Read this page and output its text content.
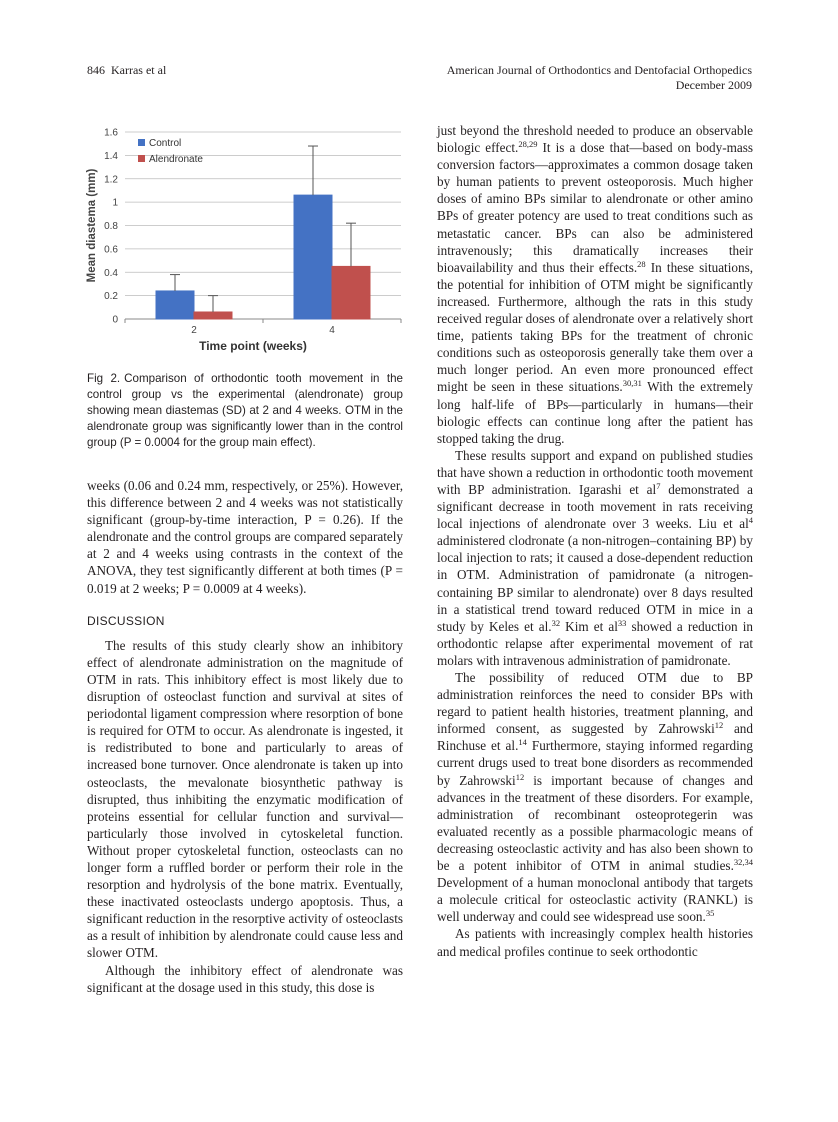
846 Karras et al	American Journal of Orthodontics and Dentofacial Orthopedics
December 2009
0
0.2
0.4
0.6
0.8
1
1.2
1.4
1.6
2	4
Mean diastema (mm)
Time point (weeks)
Control
Alendronate
Fig 2. Comparison of orthodontic tooth movement in the control group vs the experimental (alendronate) group showing mean diastemas (SD) at 2 and 4 weeks. OTM in the alendronate group was significantly lower than in the control group (P = 0.0004 for the group main effect).

weeks (0.06 and 0.24 mm, respectively, or 25%). However, this difference between 2 and 4 weeks was not statistically significant (group-by-time interaction, P = 0.26). If the alendronate and the control groups are compared separately at 2 and 4 weeks using contrasts in the context of the ANOVA, they test significantly different at both times (P = 0.019 at 2 weeks; P = 0.0009 at 4 weeks).

DISCUSSION

The results of this study clearly show an inhibitory effect of alendronate administration on the magnitude of OTM in rats. This inhibitory effect is most likely due to disruption of osteoclast function and survival at sites of periodontal ligament compression where resorption of bone is required for OTM to occur. As alendronate is ingested, it is redistributed to bone and particularly to areas of increased bone turnover. Once alendronate is taken up into osteoclasts, the mevalonate biosynthetic pathway is disrupted, thus inhibiting the enzymatic modification of proteins essential for cellular function and survival—particularly those involved in cytoskeletal function. Without proper cytoskeletal function, osteoclasts can no longer form a ruffled border or perform their role in the resorption and hydrolysis of the bone matrix. Eventually, these inactivated osteoclasts undergo apoptosis. Thus, a significant reduction in the resorptive activity of osteoclasts as a result of inhibition by alendronate could cause less and slower OTM.

Although the inhibitory effect of alendronate was significant at the dosage used in this study, this dose is

just beyond the threshold needed to produce an observable biologic effect.$^{28,29}$ It is a dose that—based on body-mass conversion factors—approximates a common dosage taken by human patients to prevent osteoporosis. Much higher doses of amino BPs similar to alendronate or other amino BPs of greater potency are used to treat conditions such as metastatic cancer. BPs can also be administered intravenously; this dramatically increases their bioavailability and thus their effects.$^{28}$ In these situations, the potential for inhibition of OTM might be significantly increased. Furthermore, although the rats in this study received regular doses of alendronate over a relatively short time, patients taking BPs for the treatment of chronic conditions such as osteoporosis generally take them over a much longer period. An even more pronounced effect might be seen in these situations.$^{30,31}$ With the extremely long half-life of BPs—particularly in humans—their biologic effects can continue long after the patient has stopped taking the drug.

These results support and expand on published studies that have shown a reduction in orthodontic tooth movement with BP administration. Igarashi et $al^7$ demonstrated a significant decrease in tooth movement in rats receiving local injections of alendronate over 3 weeks. Liu et $al^4$ administered clodronate (a non-nitrogen–containing BP) by local injection to rats; it caused a dose-dependent reduction in OTM. Administration of pamidronate (a nitrogen-containing BP similar to alendronate) over 8 days resulted in a statistical trend toward reduced OTM in mice in a study by Keles et al.$^{32}$ Kim et $al^{33}$ showed a reduction in orthodontic relapse after experimental movement of rat molars with intravenous administration of pamidronate.

The possibility of reduced OTM due to BP administration reinforces the need to consider BPs with regard to patient health histories, treatment planning, and informed consent, as suggested by Zahrowski$^{12}$ and Rinchuse et al.$^{14}$ Furthermore, staying informed regarding current drugs used to treat bone disorders as recommended by Zahrowski$^{12}$ is important because of changes and advances in the treatment of these disorders. For example, administration of recombinant osteoprotegerin was evaluated recently as a possible pharmacologic means of decreasing osteoclastic activity and has also been shown to be a potent inhibitor of OTM in animal studies.$^{32,34}$ Development of a human monoclonal antibody that targets a molecule critical for osteoclastic activity (RANKL) is well underway and could see widespread use soon.$^{35}$

As patients with increasingly complex health histories and medical profiles continue to seek orthodontic
